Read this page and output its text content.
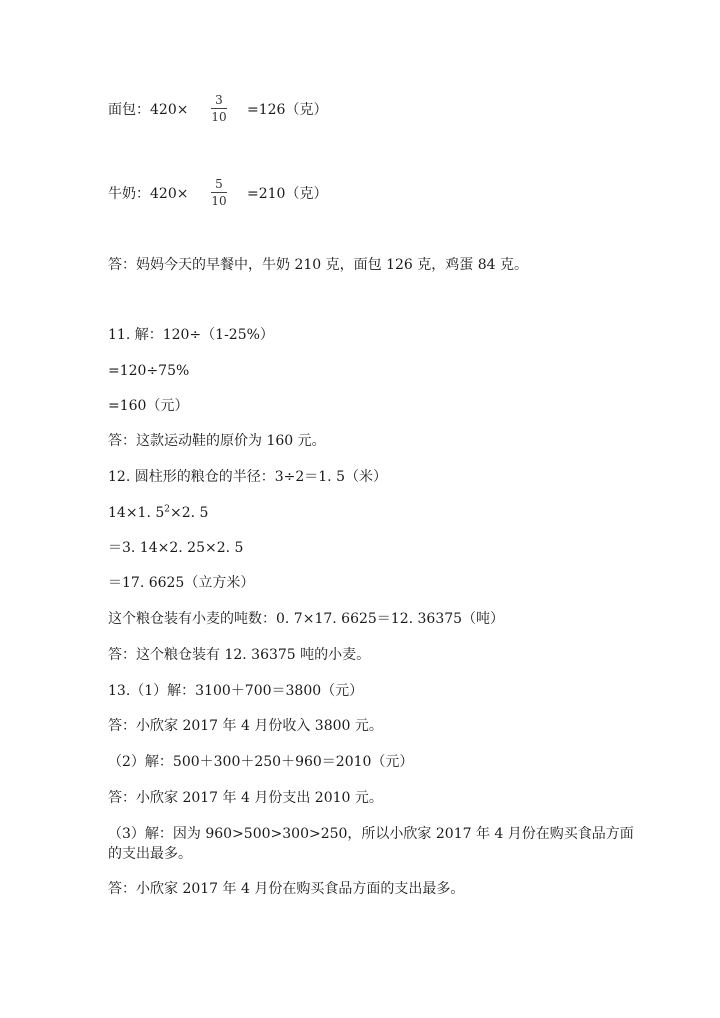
面包：420×
3
10 =126（克）
牛奶：420×
5
10 =210（克）
答：妈妈今天的早餐中，牛奶 210 克，面包 126 克，鸡蛋 84 克。
11. 解：120÷（1-25%）
=120÷75%
=160（元）
答：这款运动鞋的原价为 160 元。
12. 圆柱形的粮仓的半径：3÷2＝1. 5（米）
14×1. $5^2\times 2$. 5
＝3. 14×2. 25×2. 5
＝17. 6625（立方米）
这个粮仓装有小麦的吨数：0. 7×17. 6625＝12. 36375（吨）
答：这个粮仓装有 12. 36375 吨的小麦。
13.（1）解：3100＋700＝3800（元）
答：小欣家 2017 年 4 月份收入 3800 元。
（2）解：500＋300＋250＋960＝2010（元）
答：小欣家 2017 年 4 月份支出 2010 元。
（3）解：因为 960>500>300>250，所以小欣家 2017 年 4 月份在购买食品方面
的支出最多。
答：小欣家 2017 年 4 月份在购买食品方面的支出最多。
